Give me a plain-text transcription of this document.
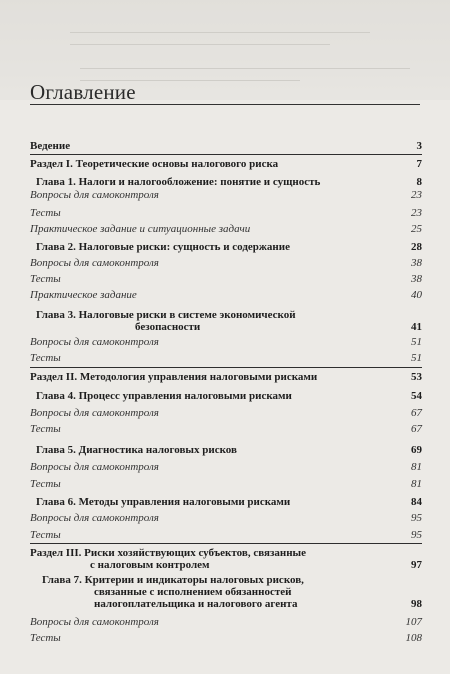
Оглавление
Ведение	3
Раздел I. Теоретические основы налогового риска	7
Глава 1. Налоги и налогообложение: понятие и сущность	8
Вопросы для самоконтроля	23
Тесты	23
Практическое задание и ситуационные задачи	25
Глава 2. Налоговые риски: сущность и содержание	28
Вопросы для самоконтроля	38
Тесты	38
Практическое задание	40
Глава 3. Налоговые риски в системе экономической
безопасности	41
Вопросы для самоконтроля	51
Тесты	51
Раздел II. Методология управления налоговыми рисками	53
Глава 4. Процесс управления налоговыми рисками	54
Вопросы для самоконтроля	67
Тесты	67
Глава 5. Диагностика налоговых рисков	69
Вопросы для самоконтроля	81
Тесты	81
Глава 6. Методы управления налоговыми рисками	84
Вопросы для самоконтроля	95
Тесты	95
Раздел III. Риски хозяйствующих субъектов, связанные
с налоговым контролем	97
Глава 7. Критерии и индикаторы налоговых рисков,
связанные с исполнением обязанностей
налогоплательщика и налогового агента	98
Вопросы для самоконтроля	107
Тесты	108
